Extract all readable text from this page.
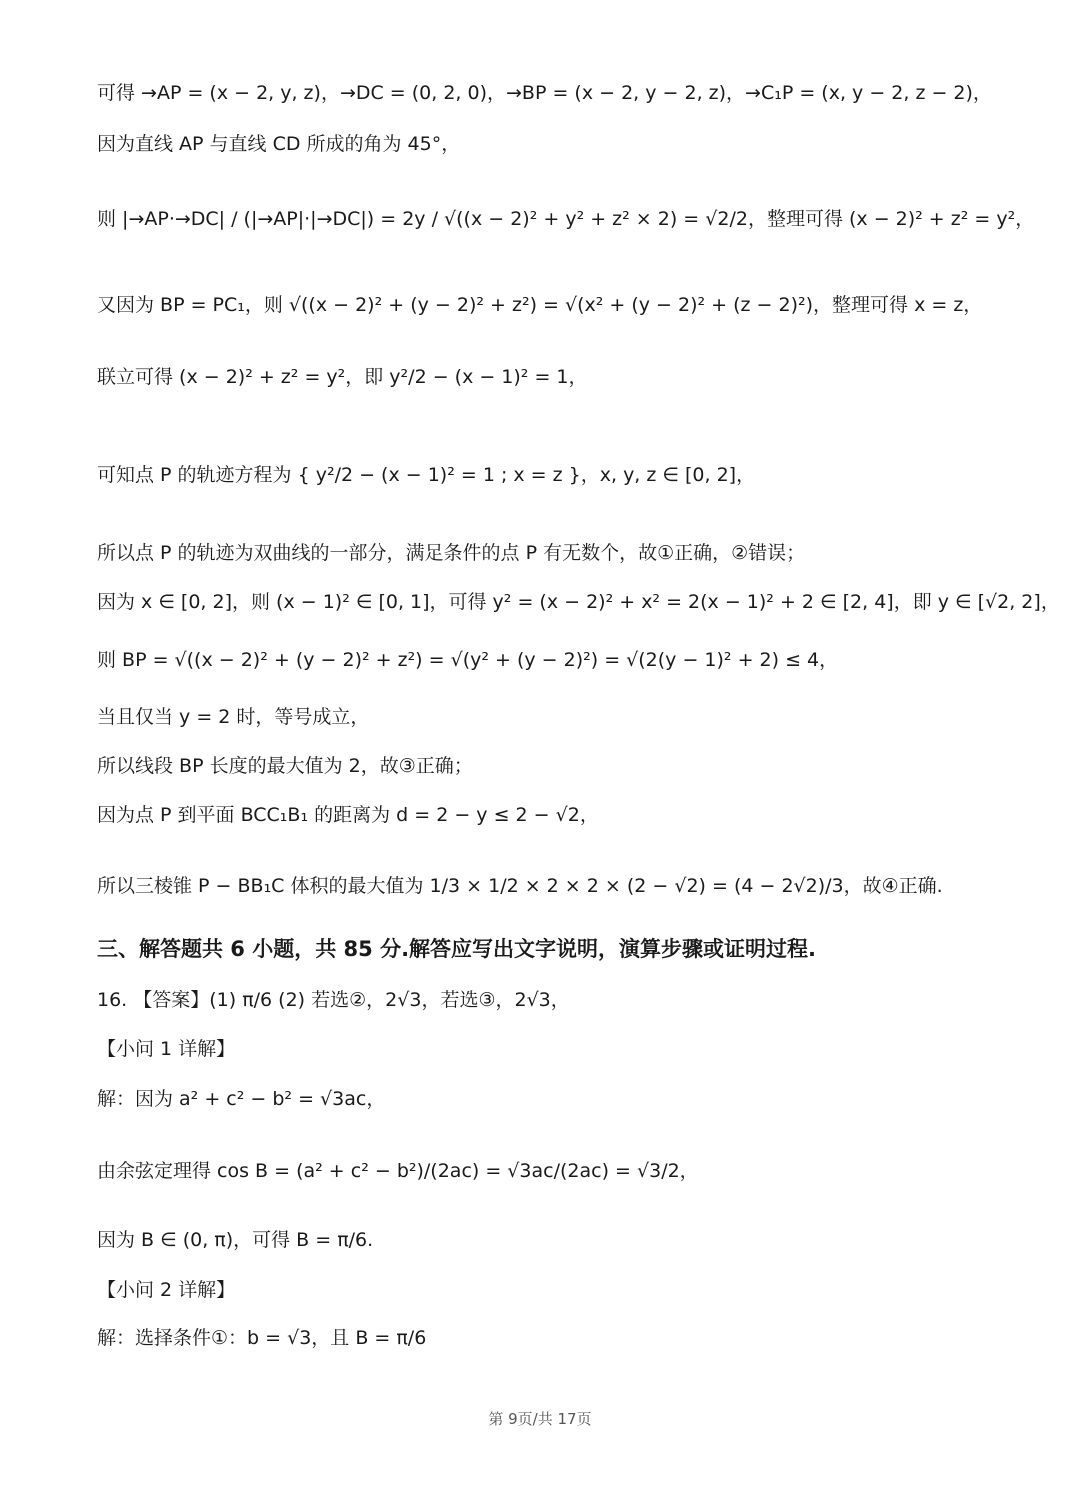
可得 →AP = (x − 2, y, z)，→DC = (0, 2, 0)，→BP = (x − 2, y − 2, z)，→C₁P = (x, y − 2, z − 2)，
因为直线 AP 与直线 CD 所成的角为 45°，
则 |→AP·→DC| / (|→AP|·|→DC|) = 2y / √((x − 2)² + y² + z² × 2) = √2/2，整理可得 (x − 2)² + z² = y²，
又因为 BP = PC₁，则 √((x − 2)² + (y − 2)² + z²) = √(x² + (y − 2)² + (z − 2)²)，整理可得 x = z，
联立可得 (x − 2)² + z² = y²，即 y²/2 − (x − 1)² = 1，
可知点 P 的轨迹方程为 { y²/2 − (x − 1)² = 1 ; x = z }，x, y, z ∈ [0, 2]，
所以点 P 的轨迹为双曲线的一部分，满足条件的点 P 有无数个，故①正确，②错误；
因为 x ∈ [0, 2]，则 (x − 1)² ∈ [0, 1]，可得 y² = (x − 2)² + x² = 2(x − 1)² + 2 ∈ [2, 4]，即 y ∈ [√2, 2]，
则 BP = √((x − 2)² + (y − 2)² + z²) = √(y² + (y − 2)²) = √(2(y − 1)² + 2) ≤ 4，
当且仅当 y = 2 时，等号成立，
所以线段 BP 长度的最大值为 2，故③正确；
因为点 P 到平面 BCC₁B₁ 的距离为 d = 2 − y ≤ 2 − √2，
所以三棱锥 P − BB₁C 体积的最大值为 1/3 × 1/2 × 2 × 2 × (2 − √2) = (4 − 2√2)/3，故④正确.
三、解答题共 6 小题，共 85 分.解答应写出文字说明，演算步骤或证明过程.
16. 【答案】(1) π/6 (2) 若选②，2√3，若选③，2√3，
【小问 1 详解】
解：因为 a² + c² − b² = √3ac，
由余弦定理得 cos B = (a² + c² − b²)/(2ac) = √3ac/(2ac) = √3/2，
因为 B ∈ (0, π)，可得 B = π/6.
【小问 2 详解】
解：选择条件①：b = √3，且 B = π/6
第 9页/共 17页
